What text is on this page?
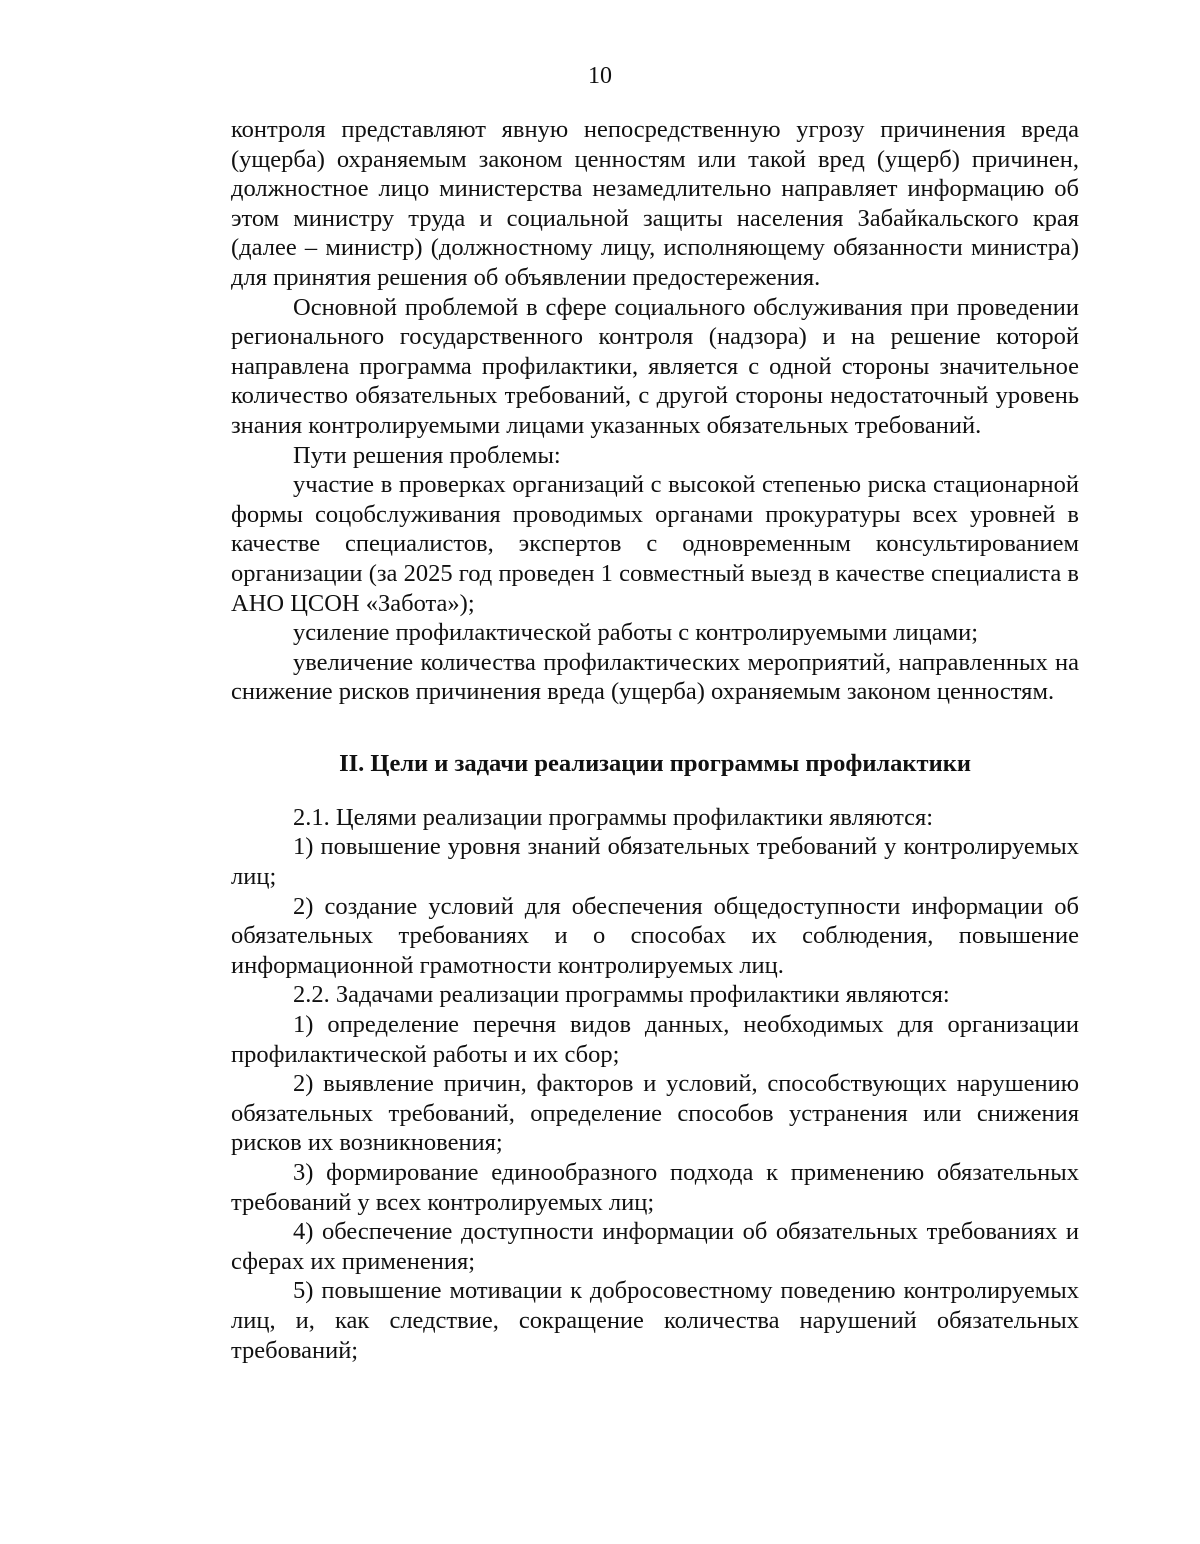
10

контроля представляют явную непосредственную угрозу причинения вреда (ущерба) охраняемым законом ценностям или такой вред (ущерб) причинен, должностное лицо министерства незамедлительно направляет информацию об этом министру труда и социальной защиты населения Забайкальского края (далее – министр) (должностному лицу, исполняющему обязанности министра) для принятия решения об объявлении предостережения.

Основной проблемой в сфере социального обслуживания при проведении регионального государственного контроля (надзора) и на решение которой направлена программа профилактики, является с одной стороны значительное количество обязательных требований, с другой стороны недостаточный уровень знания контролируемыми лицами указанных обязательных требований.

Пути решения проблемы:

участие в проверках организаций с высокой степенью риска стационарной формы соцобслуживания проводимых органами прокуратуры всех уровней в качестве специалистов, экспертов с одновременным консультированием организации (за 2025 год проведен 1 совместный выезд в качестве специалиста в АНО ЦСОН «Забота»);

усиление профилактической работы с контролируемыми лицами;

увеличение количества профилактических мероприятий, направленных на снижение рисков причинения вреда (ущерба) охраняемым законом ценностям.

II. Цели и задачи реализации программы профилактики

2.1. Целями реализации программы профилактики являются:

1) повышение уровня знаний обязательных требований у контролируемых лиц;

2) создание условий для обеспечения общедоступности информации об обязательных требованиях и о способах их соблюдения, повышение информационной грамотности контролируемых лиц.

2.2. Задачами реализации программы профилактики являются:

1) определение перечня видов данных, необходимых для организации профилактической работы и их сбор;

2) выявление причин, факторов и условий, способствующих нарушению обязательных требований, определение способов устранения или снижения рисков их возникновения;

3) формирование единообразного подхода к применению обязательных требований у всех контролируемых лиц;

4) обеспечение доступности информации об обязательных требованиях и сферах их применения;

5) повышение мотивации к добросовестному поведению контролируемых лиц, и, как следствие, сокращение количества нарушений обязательных требований;
